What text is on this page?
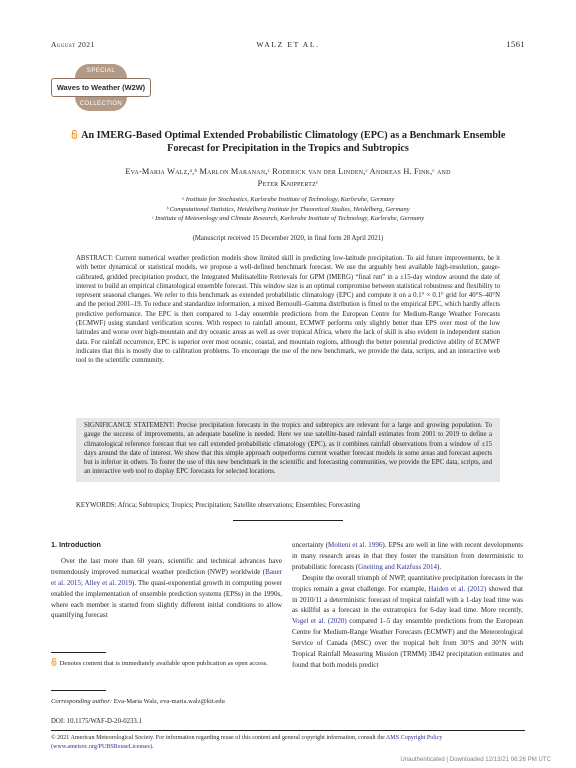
August 2021	WALZ ET AL.	1561
SPECIAL
Waves to Weather (W2W)
COLLECTION
An IMERG-Based Optimal Extended Probabilistic Climatology (EPC) as a Benchmark Ensemble Forecast for Precipitation in the Tropics and Subtropics
Eva-Maria Walz,ᵃ,ᵇ Marlon Maranan,ᶜ Roderick van der Linden,ᶜ Andreas H. Fink,ᶜ and
Peter Knippertzᶜ
ᵃ Institute for Stochastics, Karlsruhe Institute of Technology, Karlsruhe, Germany
ᵇ Computational Statistics, Heidelberg Institute for Theoretical Studies, Heidelberg, Germany
ᶜ Institute of Meteorology and Climate Research, Karlsruhe Institute of Technology, Karlsruhe, Germany
(Manuscript received 15 December 2020, in final form 28 April 2021)
ABSTRACT: Current numerical weather prediction models show limited skill in predicting low-latitude precipitation. To aid future improvements, be it with better dynamical or statistical models, we propose a well-defined benchmark forecast. We use the arguably best available high-resolution, gauge-calibrated, gridded precipitation product, the Integrated Multisatellite Retrievals for GPM (IMERG) “final run” in a ±15-day window around the date of interest to build an empirical climatological ensemble forecast. This window size is an optimal compromise between statistical robustness and flexibility to represent seasonal changes. We refer to this benchmark as extended probabilistic climatology (EPC) and compute it on a 0.1° × 0.1° grid for 40°S–40°N and the period 2001–19. To reduce and standardize information, a mixed Bernoulli–Gamma distribution is fitted to the empirical EPC, which hardly affects predictive performance. The EPC is then compared to 1-day ensemble predictions from the European Centre for Medium-Range Weather Forecasts (ECMWF) using standard verification scores. With respect to rainfall amount, ECMWF performs only slightly better than EPS over most of the low latitudes and worse over high-mountain and dry oceanic areas as well as over tropical Africa, where the lack of skill is also evident in independent station data. For rainfall occurrence, EPC is superior over most oceanic, coastal, and mountain regions, although the better potential predictive ability of ECMWF indicates that this is mostly due to calibration problems. To encourage the use of the new benchmark, we provide the data, scripts, and an interactive web tool to the scientific community.
SIGNIFICANCE STATEMENT: Precise precipitation forecasts in the tropics and subtropics are relevant for a large and growing population. To gauge the success of improvements, an adequate baseline is needed. Here we use satellite-based rainfall estimates from 2001 to 2019 to define a climatological reference forecast that we call extended probabilistic climatology (EPC), as it combines rainfall observations from a window of ±15 days around the date of interest. We show that this simple approach outperforms current weather forecast models in some areas and forecast aspects but is inferior in others. To foster the use of this new benchmark in the scientific and forecasting communities, we provide the EPC data, scripts, and an interactive web tool to display EPC forecasts for selected locations.
KEYWORDS: Africa; Subtropics; Tropics; Precipitation; Satellite observations; Ensembles; Forecasting
1. Introduction
Over the last more than 60 years, scientific and technical advances have tremendously improved numerical weather prediction (NWP) worldwide (Bauer et al. 2015; Alley et al. 2019). The quasi-exponential growth in computing power enabled the implementation of ensemble prediction systems (EPSs) in the 1990s, where each member is started from slightly different initial conditions to allow quantifying forecast
uncertainty (Molteni et al. 1996). EPSs are well in line with recent developments in many research areas in that they foster the transition from deterministic to probabilistic forecasts (Gneiting and Katzfuss 2014).
Despite the overall triumph of NWP, quantitative precipitation forecasts in the tropics remain a great challenge. For example, Haiden et al. (2012) showed that in 2010/11 a deterministic forecast of tropical rainfall with a 1-day lead time was as skillful as a forecast in the extratropics for 6-day lead time. More recently, Vogel et al. (2020) compared 1–5 day ensemble predictions from the European Centre for Medium-Range Weather Forecasts (ECMWF) and the Meteorological Service of Canada (MSC) over the tropical belt from 30°S and 30°N with Tropical Rainfall Measuring Mission (TRMM) 3B42 precipitation estimates and found that both models predict
Denotes content that is immediately available upon publication as open access.
Corresponding author: Eva-Maria Walz, eva-maria.walz@kit.edu
DOI: 10.1175/WAF-D-20-0233.1
© 2021 American Meteorological Society. For information regarding reuse of this content and general copyright information, consult the AMS Copyright Policy (www.ametsoc.org/PUBSReuseLicenses).
Unauthenticated | Downloaded 12/13/21 06:26 PM UTC
